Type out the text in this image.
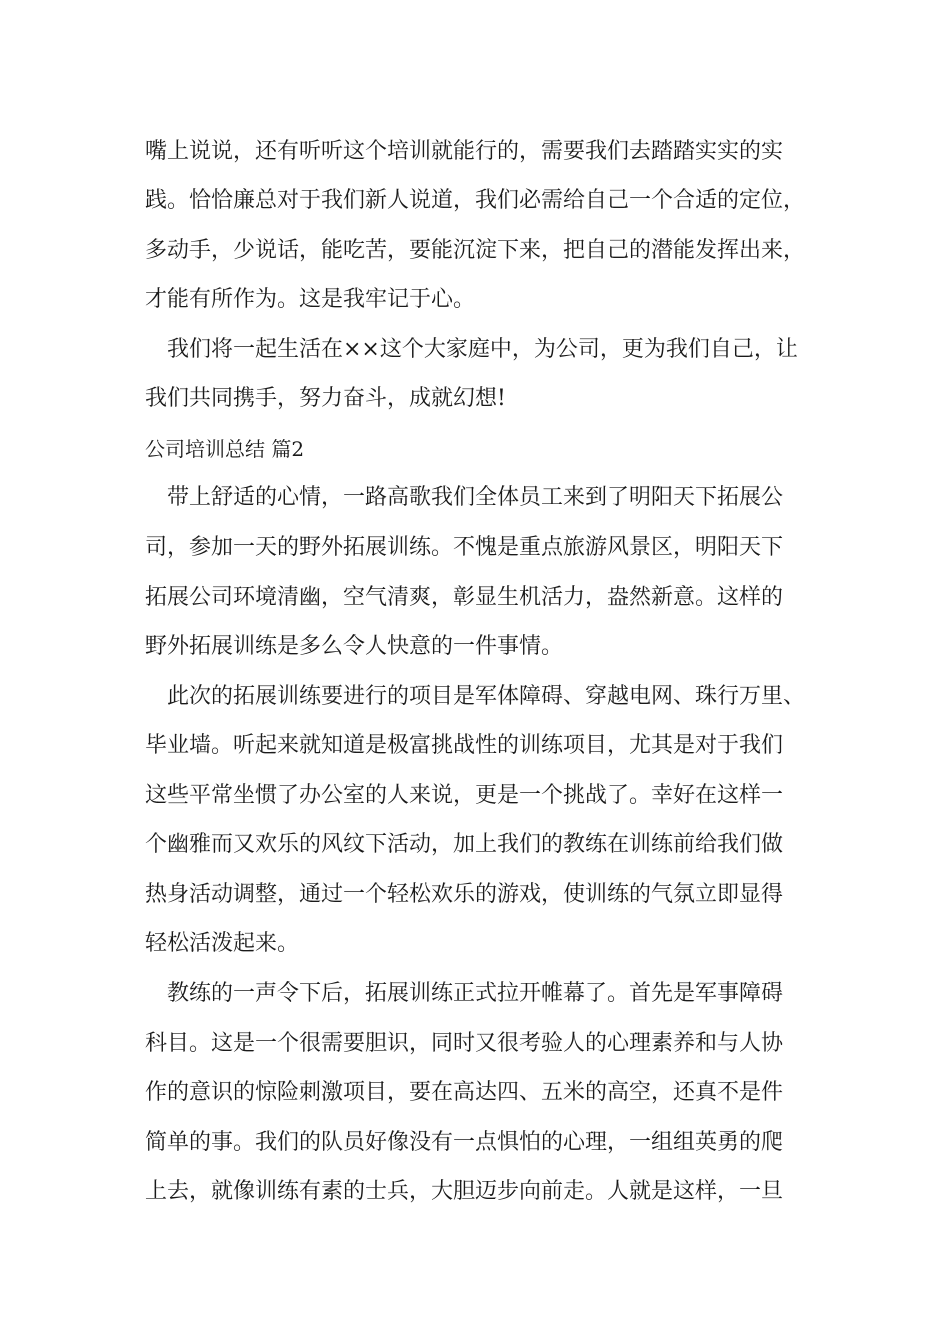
嘴上说说，还有听听这个培训就能行的，需要我们去踏踏实实的实
践。恰恰廉总对于我们新人说道，我们必需给自己一个合适的定位，
多动手，少说话，能吃苦，要能沉淀下来，把自己的潜能发挥出来，
才能有所作为。这是我牢记于心。
我们将一起生活在××这个大家庭中，为公司，更为我们自己，让
我们共同携手，努力奋斗，成就幻想!
公司培训总结 篇2
带上舒适的心情，一路高歌我们全体员工来到了明阳天下拓展公
司，参加一天的野外拓展训练。不愧是重点旅游风景区，明阳天下
拓展公司环境清幽，空气清爽，彰显生机活力，盎然新意。这样的
野外拓展训练是多么令人快意的一件事情。
此次的拓展训练要进行的项目是军体障碍、穿越电网、珠行万里、
毕业墙。听起来就知道是极富挑战性的训练项目，尤其是对于我们
这些平常坐惯了办公室的人来说，更是一个挑战了。幸好在这样一
个幽雅而又欢乐的风纹下活动，加上我们的教练在训练前给我们做
热身活动调整，通过一个轻松欢乐的游戏，使训练的气氛立即显得
轻松活泼起来。
教练的一声令下后，拓展训练正式拉开帷幕了。首先是军事障碍
科目。这是一个很需要胆识，同时又很考验人的心理素养和与人协
作的意识的惊险刺激项目，要在高达四、五米的高空，还真不是件
简单的事。我们的队员好像没有一点惧怕的心理，一组组英勇的爬
上去，就像训练有素的士兵，大胆迈步向前走。人就是这样，一旦
